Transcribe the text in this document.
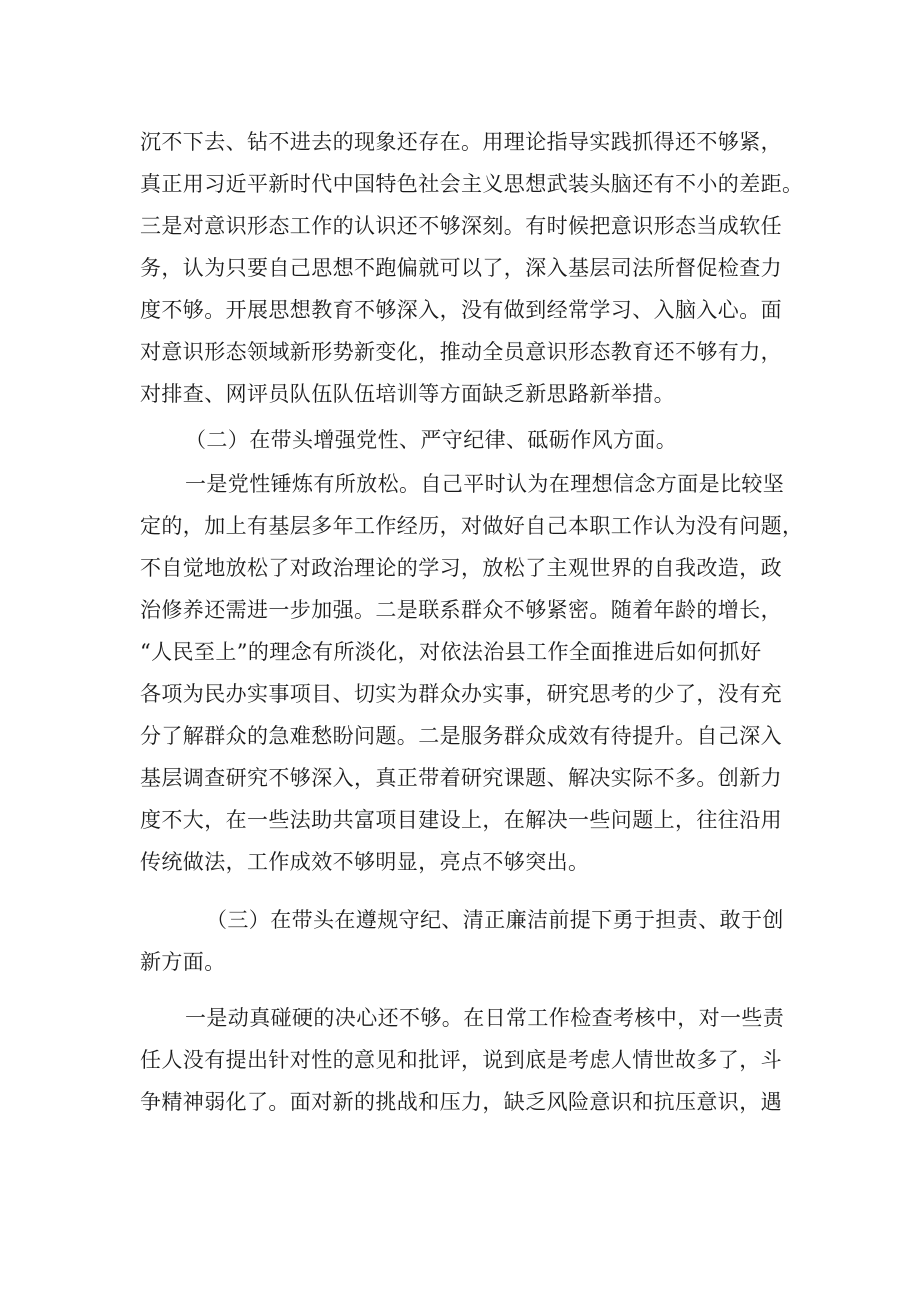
沉不下去、钻不进去的现象还存在。用理论指导实践抓得还不够紧，
真正用习近平新时代中国特色社会主义思想武装头脑还有不小的差距。
三是对意识形态工作的认识还不够深刻。有时候把意识形态当成软任
务，认为只要自己思想不跑偏就可以了，深入基层司法所督促检查力
度不够。开展思想教育不够深入，没有做到经常学习、入脑入心。面
对意识形态领域新形势新变化，推动全员意识形态教育还不够有力，
对排查、网评员队伍队伍培训等方面缺乏新思路新举措。
（二）在带头增强党性、严守纪律、砥砺作风方面。
一是党性锤炼有所放松。自己平时认为在理想信念方面是比较坚
定的，加上有基层多年工作经历，对做好自己本职工作认为没有问题，
不自觉地放松了对政治理论的学习，放松了主观世界的自我改造，政
治修养还需进一步加强。二是联系群众不够紧密。随着年龄的增长，
“人民至上”的理念有所淡化，对依法治县工作全面推进后如何抓好
各项为民办实事项目、切实为群众办实事，研究思考的少了，没有充
分了解群众的急难愁盼问题。二是服务群众成效有待提升。自己深入
基层调查研究不够深入，真正带着研究课题、解决实际不多。创新力
度不大，在一些法助共富项目建设上，在解决一些问题上，往往沿用
传统做法，工作成效不够明显，亮点不够突出。
（三）在带头在遵规守纪、清正廉洁前提下勇于担责、敢于创
新方面。
一是动真碰硬的决心还不够。在日常工作检查考核中，对一些责
任人没有提出针对性的意见和批评，说到底是考虑人情世故多了，斗
争精神弱化了。面对新的挑战和压力，缺乏风险意识和抗压意识，遇
